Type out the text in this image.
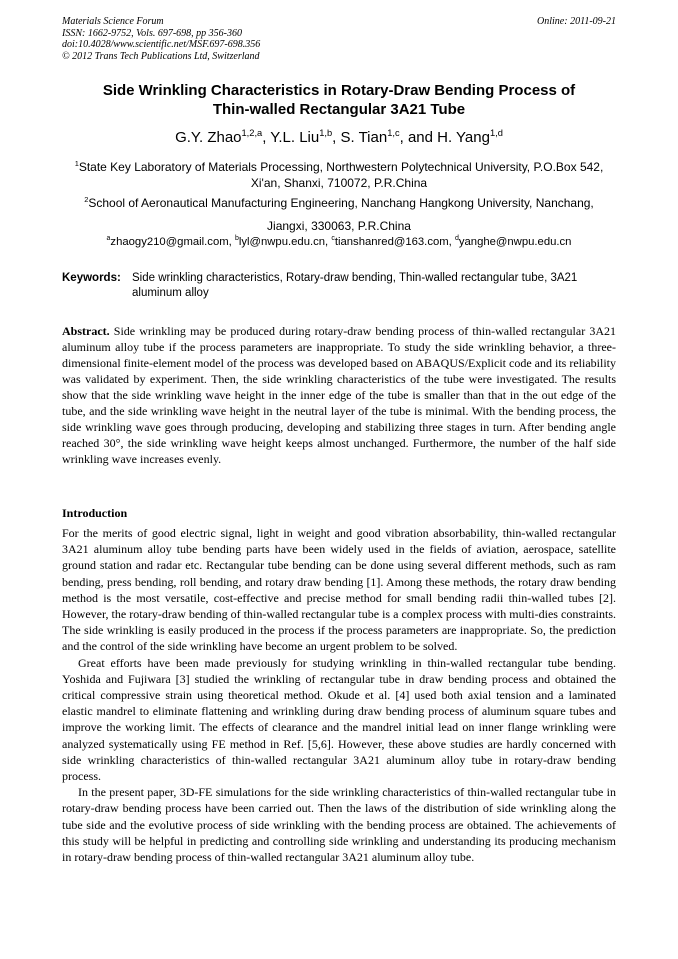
Materials Science Forum
ISSN: 1662-9752, Vols. 697-698, pp 356-360
doi:10.4028/www.scientific.net/MSF.697-698.356
© 2012 Trans Tech Publications Ltd, Switzerland
Online: 2011-09-21
Side Wrinkling Characteristics in Rotary-Draw Bending Process of
Thin-walled Rectangular 3A21 Tube
G.Y. Zhao$^{1,2,a}$, Y.L. Liu$^{1,b}$, S. Tian$^{1,c}$, and H. Yang$^{1,d}$
$^1$State Key Laboratory of Materials Processing, Northwestern Polytechnical University, P.O.Box 542,
Xi'an, Shanxi, 710072, P.R.China
$^2$School of Aeronautical Manufacturing Engineering, Nanchang Hangkong University, Nanchang,
Jiangxi, 330063, P.R.China
$^a$zhaogy210@gmail.com, $^b$lyl@nwpu.edu.cn, $^c$tianshanred@163.com, $^d$yanghe@nwpu.edu.cn
Keywords: Side wrinkling characteristics, Rotary-draw bending, Thin-walled rectangular tube, 3A21 aluminum alloy

Abstract. Side wrinkling may be produced during rotary-draw bending process of thin-walled rectangular 3A21 aluminum alloy tube if the process parameters are inappropriate. To study the side wrinkling behavior, a three-dimensional finite-element model of the process was developed based on ABAQUS/Explicit code and its reliability was validated by experiment. Then, the side wrinkling characteristics of the tube were investigated. The results show that the side wrinkling wave height in the inner edge of the tube is smaller than that in the out edge of the tube, and the side wrinkling wave height in the neutral layer of the tube is minimal. With the bending process, the side wrinkling wave goes through producing, developing and stabilizing three stages in turn. After bending angle reached 30°, the side wrinkling wave height keeps almost unchanged. Furthermore, the number of the half side wrinkling wave increases evenly.

Introduction

For the merits of good electric signal, light in weight and good vibration absorbability, thin-walled rectangular 3A21 aluminum alloy tube bending parts have been widely used in the fields of aviation, aerospace, satellite ground station and radar etc. Rectangular tube bending can be done using several different methods, such as ram bending, press bending, roll bending, and rotary draw bending [1]. Among these methods, the rotary draw bending method is the most versatile, cost-effective and precise method for small bending radii thin-walled tubes [2]. However, the rotary-draw bending of thin-walled rectangular tube is a complex process with multi-dies constraints. The side wrinkling is easily produced in the process if the process parameters are inappropriate. So, the prediction and the control of the side wrinkling have become an urgent problem to be solved.

Great efforts have been made previously for studying wrinkling in thin-walled rectangular tube bending. Yoshida and Fujiwara [3] studied the wrinkling of rectangular tube in draw bending process and obtained the critical compressive strain using theoretical method. Okude et al. [4] used both axial tension and a laminated elastic mandrel to eliminate flattening and wrinkling during draw bending process of aluminum square tubes and improve the working limit. The effects of clearance and the mandrel initial lead on inner flange wrinkling were analyzed systematically using FE method in Ref. [5,6]. However, these above studies are hardly concerned with side wrinkling characteristics of thin-walled rectangular 3A21 aluminum alloy tube in rotary-draw bending process.

In the present paper, 3D-FE simulations for the side wrinkling characteristics of thin-walled rectangular tube in rotary-draw bending process have been carried out. Then the laws of the distribution of side wrinkling along the tube side and the evolutive process of side wrinkling with the bending process are obtained. The achievements of this study will be helpful in predicting and controlling side wrinkling and understanding its producing mechanism in rotary-draw bending process of thin-walled rectangular 3A21 aluminum alloy tube.
